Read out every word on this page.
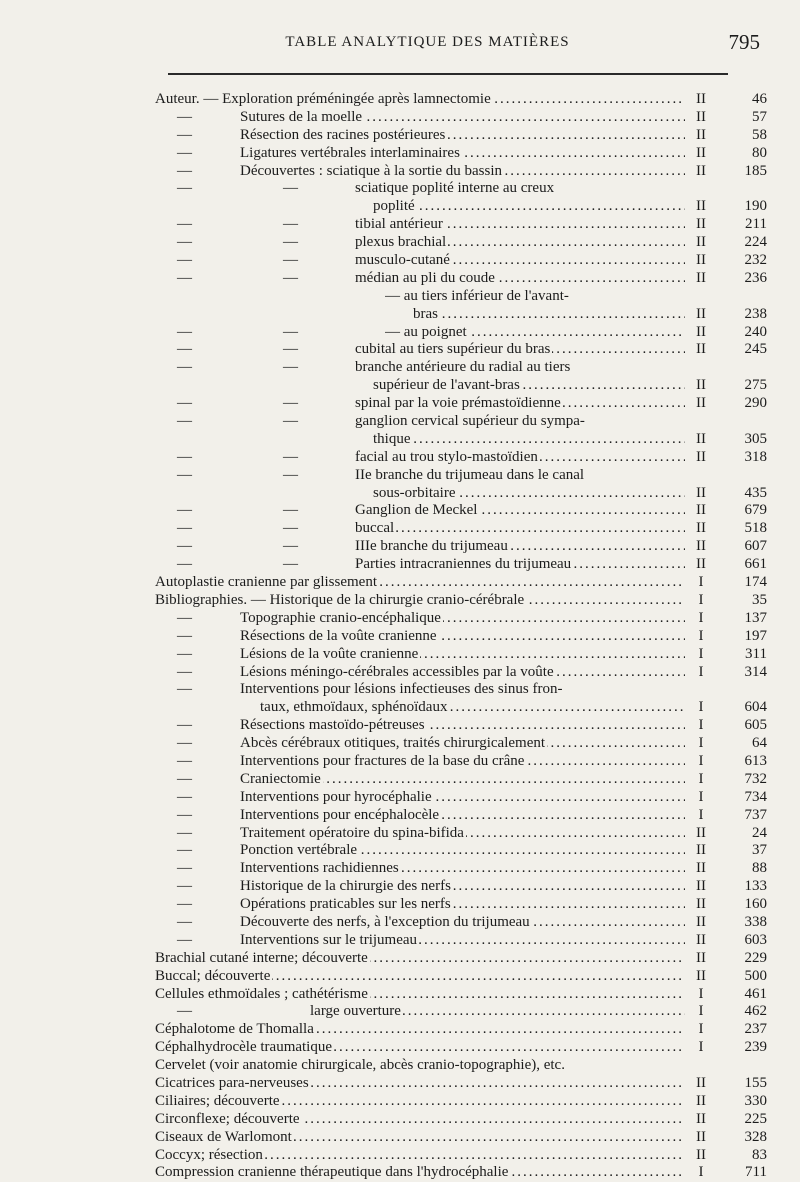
TABLE ANALYTIQUE DES MATIÈRES	795
.....
Auteur. — Exploration préméningée après lamnectomie	II	46
— .....	Sutures de la moelle	II	57
— .....	Résection des racines postérieures	II	58
— .....	Ligatures vertébrales interlaminaires	II	80
— .....	Découvertes : sciatique à la sortie du bassin	II	185
—	—	sciatique poplité interne au creux
.....
poplité	II	190
—	— .....	tibial antérieur	II	211
—	— .....	plexus brachial	II	224
—	— .....	musculo-cutané	II	232
—	— .....	médian au pli du coude	II	236
— au tiers inférieur de l'avant-
.....
bras	II	238
—	— .....	— au poignet	II	240
—	— .....	cubital au tiers supérieur du bras	II	245
—	—	branche antérieure du radial au tiers
.....
supérieur de l'avant-bras	II	275
—	— .....	spinal par la voie prémastoïdienne	II	290
—	—	ganglion cervical supérieur du sympa-
.....
thique	II	305
—	— .....	facial au trou stylo-mastoïdien	II	318
—	—	IIe branche du trijumeau dans le canal
.....
sous-orbitaire	II	435
—	— .....	Ganglion de Meckel	II	679
—	— .....	buccal	II	518
—	— .....	IIIe branche du trijumeau	II	607
—	— .....	Parties intracraniennes du trijumeau	II	661
.....
Autoplastie cranienne par glissement	I	174
.....
Bibliographies. — Historique de la chirurgie cranio-cérébrale	I	35
— .....	Topographie cranio-encéphalique	I	137
— .....	Résections de la voûte cranienne	I	197
— .....	Lésions de la voûte cranienne	I	311
— .....	Lésions méningo-cérébrales accessibles par la voûte	I	314
—	Interventions pour lésions infectieuses des sinus fron-
.....
taux, ethmoïdaux, sphénoïdaux	I	604
— .....	Résections mastoïdo-pétreuses	I	605
— .....	Abcès cérébraux otitiques, traités chirurgicalement	I	64
— .....	Interventions pour fractures de la base du crâne	I	613
— .....	Craniectomie	I	732
— .....	Interventions pour hyrocéphalie	I	734
— .....	Interventions pour encéphalocèle	I	737
— .....	Traitement opératoire du spina-bifida	II	24
— .....	Ponction vertébrale	II	37
— .....	Interventions rachidiennes	II	88
— .....	Historique de la chirurgie des nerfs	II	133
— .....	Opérations praticables sur les nerfs	II	160
— .....	Découverte des nerfs, à l'exception du trijumeau	II	338
— .....	Interventions sur le trijumeau	II	603
.....
Brachial cutané interne; découverte	II	229
.....
Buccal; découverte	II	500
.....
Cellules ethmoïdales ; cathétérisme	I	461
— .....	large ouverture	I	462
.....
Céphalotome de Thomalla	I	237
.....
Céphalhydrocèle traumatique	I	239
Cervelet (voir anatomie chirurgicale, abcès cranio-topographie), etc.
.....
Cicatrices para-nerveuses	II	155
.....
Ciliaires; découverte	II	330
.....
Circonflexe; découverte	II	225
.....
Ciseaux de Warlomont	II	328
.....
Coccyx; résection	II	83
.....
Compression cranienne thérapeutique dans l'hydrocéphalie	I	711
